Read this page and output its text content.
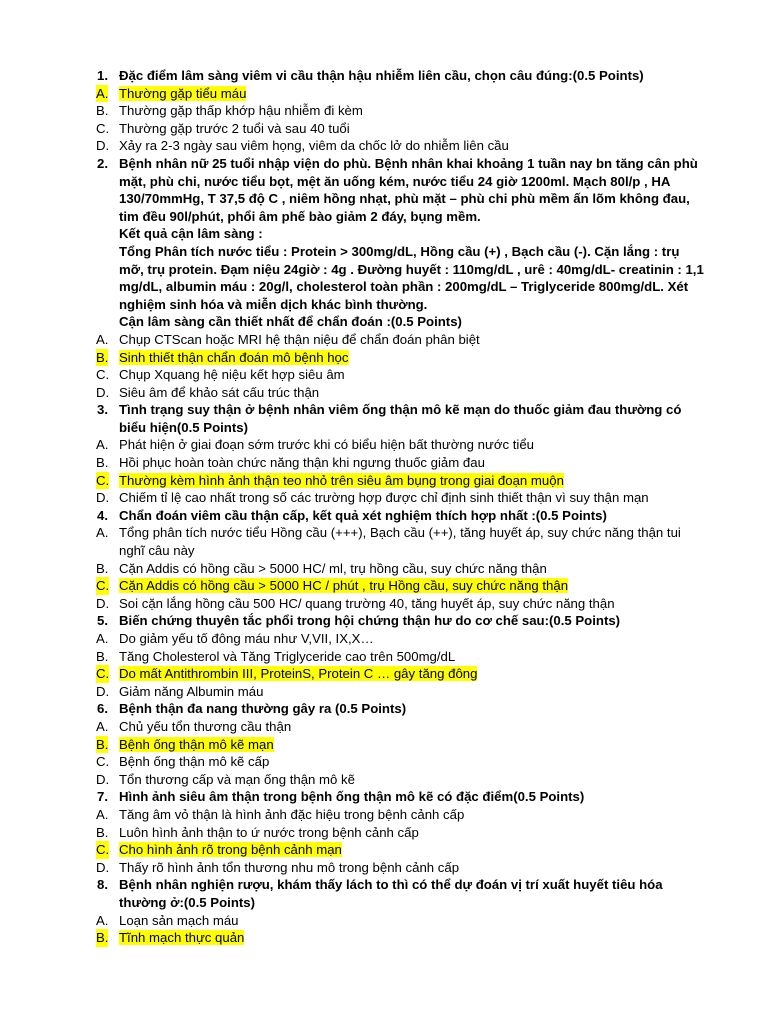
1. Đặc điểm lâm sàng viêm vi cầu thận hậu nhiễm liên cầu, chọn câu đúng:(0.5 Points)

A. Thường gặp tiểu máu
B. Thường gặp thấp khớp hậu nhiễm đi kèm
C. Thường gặp trước 2 tuổi và sau 40 tuổi
D. Xảy ra 2-3 ngày sau viêm họng, viêm da chốc lở do nhiễm liên cầu
2. Bệnh nhân nữ 25 tuổi nhập viện do phù. Bệnh nhân khai khoảng 1 tuần nay bn tăng cân phù mặt, phù chi, nước tiểu bọt, mệt ăn uống kém, nước tiểu 24 giờ 1200ml. Mạch 80l/p , HA 130/70mmHg, T 37,5 độ C , niêm hồng nhạt, phù mặt – phù chi phù mềm ấn lõm không đau, tim đều 90l/phút, phổi âm phế bào giảm 2 đáy, bụng mềm.

Kết quả cận lâm sàng :

Tổng Phân tích nước tiểu : Protein > 300mg/dL, Hồng cầu (+) , Bạch cầu (-). Cặn lắng : trụ mỡ, trụ protein. Đạm niệu 24giờ : 4g . Đường huyết : 110mg/dL , urê : 40mg/dL- creatinin : 1,1 mg/dL, albumin máu : 20g/l, cholesterol toàn phần : 200mg/dL – Triglyceride 800mg/dL. Xét nghiệm sinh hóa và miễn dịch khác bình thường.

Cận lâm sàng cần thiết nhất để chẩn đoán :(0.5 Points)

A. Chụp CTScan hoặc MRI hệ thận niệu để chẩn đoán phân biệt
B. Sinh thiết thận chẩn đoán mô bệnh học
C. Chụp Xquang hệ niệu kết hợp siêu âm
D. Siêu âm để khảo sát cấu trúc thận
3. Tình trạng suy thận ở bệnh nhân viêm ống thận mô kẽ mạn do thuốc giảm đau thường có biểu hiện(0.5 Points)

A. Phát hiện ở giai đoạn sớm trước khi có biểu hiện bất thường nước tiểu
B. Hồi phục hoàn toàn chức năng thận khi ngưng thuốc giảm đau
C. Thường kèm hình ảnh thận teo nhỏ trên siêu âm bụng trong giai đoạn muộn
D. Chiếm tỉ lệ cao nhất trong số các trường hợp được chỉ định sinh thiết thận vì suy thận mạn
4. Chẩn đoán viêm cầu thận cấp, kết quả xét nghiệm thích hợp nhất :(0.5 Points)

A. Tổng phân tích nước tiểu Hồng cầu (+++), Bạch cầu (++), tăng huyết áp, suy chức năng thận tui nghĩ câu này
B. Cặn Addis có hồng cầu > 5000 HC/ ml, trụ hồng cầu, suy chức năng thận
C. Cặn Addis có hồng cầu > 5000 HC / phút , trụ Hồng cầu, suy chức năng thận
D. Soi cặn lắng hồng cầu 500 HC/ quang trường 40, tăng huyết áp, suy chức năng thận
5. Biến chứng thuyên tắc phổi trong hội chứng thận hư do cơ chế sau:(0.5 Points)

A. Do giảm yếu tố đông máu như V,VII, IX,X…
B. Tăng Cholesterol và Tăng Triglyceride cao trên 500mg/dL
C. Do mất Antithrombin III, ProteinS, Protein C … gây tăng đông
D. Giảm năng Albumin máu
6. Bệnh thận đa nang thường gây ra (0.5 Points)

A. Chủ yếu tổn thương cầu thận
B. Bệnh ống thận mô kẽ mạn
C. Bệnh ống thận mô kẽ cấp
D. Tổn thương cấp và mạn ống thận mô kẽ
7. Hình ảnh siêu âm thận trong bệnh ống thận mô kẽ có đặc điểm(0.5 Points)

A. Tăng âm vỏ thận là hình ảnh đặc hiệu trong bệnh cảnh cấp
B. Luôn hình ảnh thận to ứ nước trong bệnh cảnh cấp
C. Cho hình ảnh rõ trong bệnh cảnh mạn
D. Thấy rõ hình ảnh tổn thương nhu mô trong bệnh cảnh cấp
8. Bệnh nhân nghiện rượu, khám thấy lách to thì có thể dự đoán vị trí xuất huyết tiêu hóa thường ở:(0.5 Points)

A. Loạn sản mạch máu
B. Tĩnh mạch thực quản
